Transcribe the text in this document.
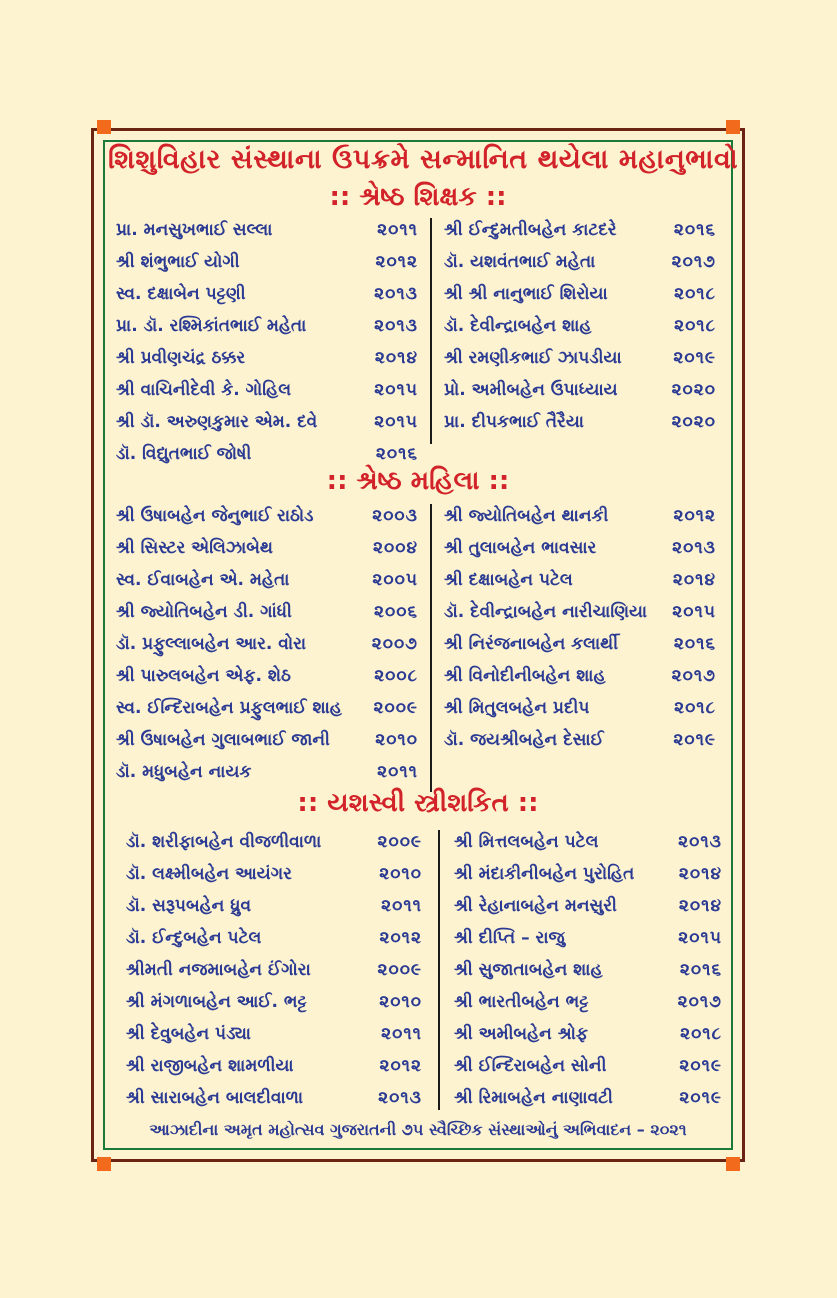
શિશુવિહાર સંસ્થાના ઉપક્રમે સન્માનિત થયેલા મહાનુભાવો
:: શ્રેષ્ઠ શિક્ષક ::
પ્રા. મનસુખભાઈ સલ્લા	૨૦૧૧
શ્રી શંભુભાઈ યોગી	૨૦૧૨
સ્વ. દક્ષાબેન પટ્ટણી	૨૦૧૩
પ્રા. ડૉ. રશ્મિકાંતભાઈ મહેતા	૨૦૧૩
શ્રી પ્રવીણચંદ્ર ઠક્કર	૨૦૧૪
શ્રી વાચિનીદેવી કે. ગોહિલ	૨૦૧૫
શ્રી ડૉ. અરુણકુમાર એમ. દવે	૨૦૧૫
ડૉ. વિદ્યુતભાઈ જોષી	૨૦૧૬
શ્રી ઈન્દુમતીબહેન કાટદરે	૨૦૧૬
ડૉ. યશવંતભાઈ મહેતા	૨૦૧૭
શ્રી શ્રી નાનુભાઈ શિરોયા	૨૦૧૮
ડૉ. દેવીન્દ્રાબહેન શાહ	૨૦૧૮
શ્રી રમણીકભાઈ ઝાપડીયા	૨૦૧૯
પ્રો. અમીબહેન ઉપાધ્યાય	૨૦૨૦
પ્રા. દીપકભાઈ તૈરૈયા	૨૦૨૦
:: શ્રેષ્ઠ મહિલા ::
શ્રી ઉષાબહેન જેનુભાઈ રાઠોડ	૨૦૦૩
શ્રી સિસ્ટર એલિઝાબેથ	૨૦૦૪
સ્વ. ઈવાબહેન એ. મહેતા	૨૦૦૫
શ્રી જ્યોતિબહેન ડી. ગાંધી	૨૦૦૬
ડૉ. પ્રફુલ્લાબહેન આર. વોરા	૨૦૦૭
શ્રી પારુલબહેન એફ. શેઠ	૨૦૦૮
સ્વ. ઈન્દિરાબહેન પ્રફુલભાઈ શાહ ૨૦૦૯
શ્રી ઉષાબહેન ગુલાબભાઈ જાની	૨૦૧૦
ડૉ. મધુબહેન નાયક	૨૦૧૧
શ્રી જ્યોતિબહેન થાનકી	૨૦૧૨
શ્રી તુલાબહેન ભાવસાર	૨૦૧૩
શ્રી દક્ષાબહેન પટેલ	૨૦૧૪
ડૉ. દેવીન્દ્રાબહેન નારીચાણિયા ૨૦૧૫
શ્રી નિરંજનાબહેન કલાર્થી	૨૦૧૬
શ્રી વિનોદીનીબહેન શાહ	૨૦૧૭
શ્રી મિતુલબહેન પ્રદીપ	૨૦૧૮
ડૉ. જયશ્રીબહેન દેસાઈ	૨૦૧૯
:: યશસ્વી સ્ત્રીશકિત ::
ડૉ. શરીફાબહેન વીજળીવાળા	૨૦૦૯
ડૉ. લક્ષ્મીબહેન આયંગર	૨૦૧૦
ડૉ. સરૂપબહેન ધ્રુવ	૨૦૧૧
ડૉ. ઈન્દુબહેન પટેલ	૨૦૧૨
શ્રીમતી નજમાબહેન ઈંગોરા	૨૦૦૯
શ્રી મંગળાબહેન આઈ. ભટ્ટ	૨૦૧૦
શ્રી દેવુબહેન પંડ્યા	૨૦૧૧
શ્રી રાજીબહેન શામળીયા	૨૦૧૨
શ્રી સારાબહેન બાલદીવાળા	૨૦૧૩
શ્રી મિત્તલબહેન પટેલ	૨૦૧૩
શ્રી મંદાકીનીબહેન પુરોહિત	૨૦૧૪
શ્રી રેહાનાબહેન મનસુરી	૨૦૧૪
શ્રી દીપ્તિ – રાજુ	૨૦૧૫
શ્રી સુજાતાબહેન શાહ	૨૦૧૬
શ્રી ભારતીબહેન ભટ્ટ	૨૦૧૭
શ્રી અમીબહેન શ્રોફ	૨૦૧૮
શ્રી ઈન્દિરાબહેન સોની	૨૦૧૯
શ્રી રિમાબહેન નાણાવટી	૨૦૧૯
આઝાદીના અમૃત મહોત્સવ ગુજરાતની ૭૫ સ્વૈચ્છિક સંસ્થાઓનું અભિવાદન – ૨૦૨૧
